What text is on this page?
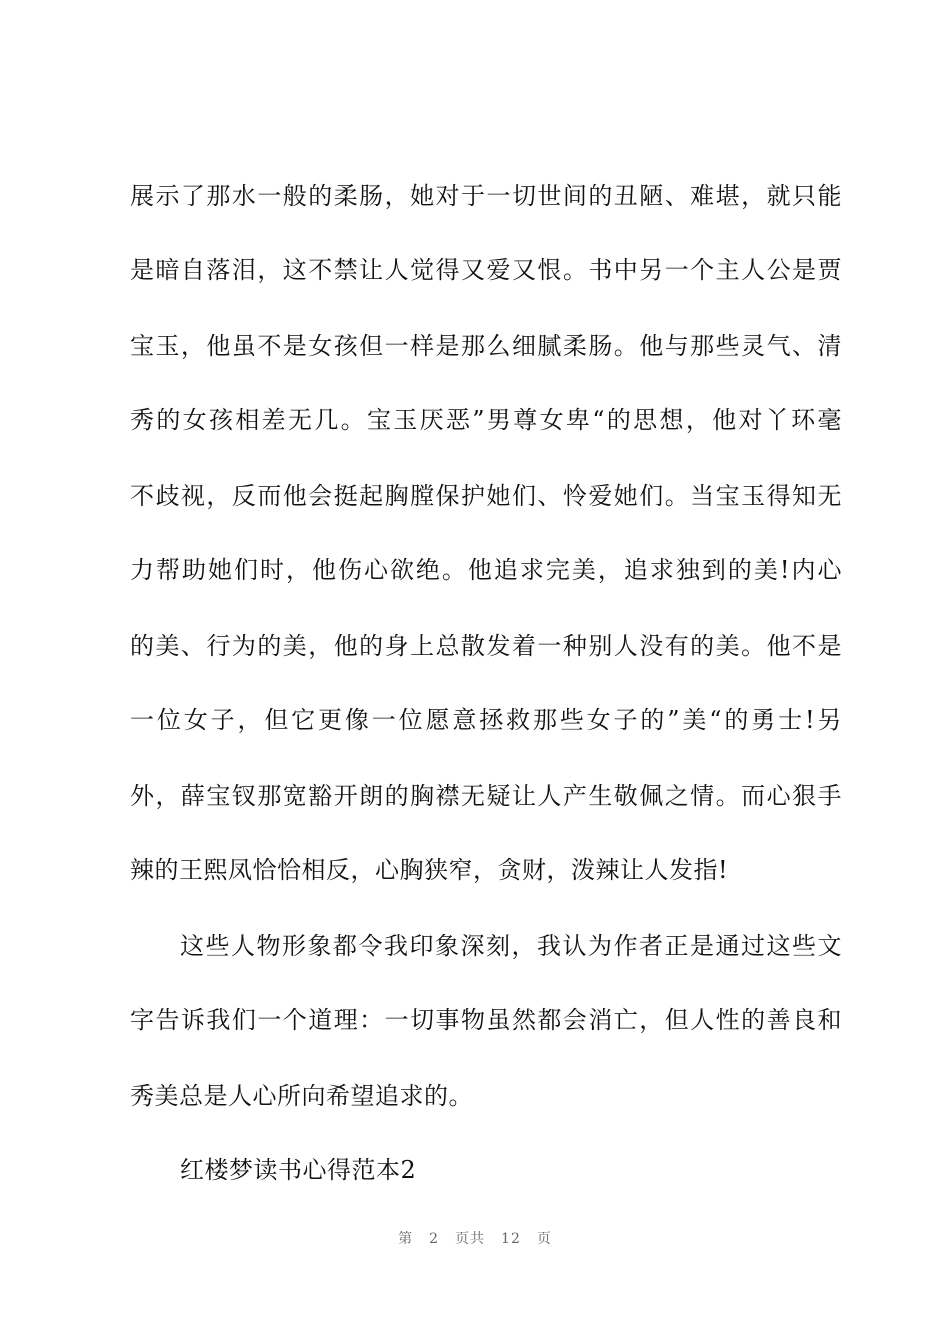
展示了那水一般的柔肠，她对于一切世间的丑陋、难堪，就只能
是暗自落泪，这不禁让人觉得又爱又恨。书中另一个主人公是贾
宝玉，他虽不是女孩但一样是那么细腻柔肠。他与那些灵气、清
秀的女孩相差无几。宝玉厌恶”男尊女卑“的思想，他对丫环毫
不歧视，反而他会挺起胸膛保护她们、怜爱她们。当宝玉得知无
力帮助她们时，他伤心欲绝。他追求完美，追求独到的美!内心
的美、行为的美，他的身上总散发着一种别人没有的美。他不是
一位女子，但它更像一位愿意拯救那些女子的”美“的勇士!另
外，薛宝钗那宽豁开朗的胸襟无疑让人产生敬佩之情。而心狠手
辣的王熙凤恰恰相反，心胸狭窄，贪财，泼辣让人发指!
这些人物形象都令我印象深刻，我认为作者正是通过这些文
字告诉我们一个道理：一切事物虽然都会消亡，但人性的善良和
秀美总是人心所向希望追求的。
红楼梦读书心得范本2
第 2 页共 12 页
